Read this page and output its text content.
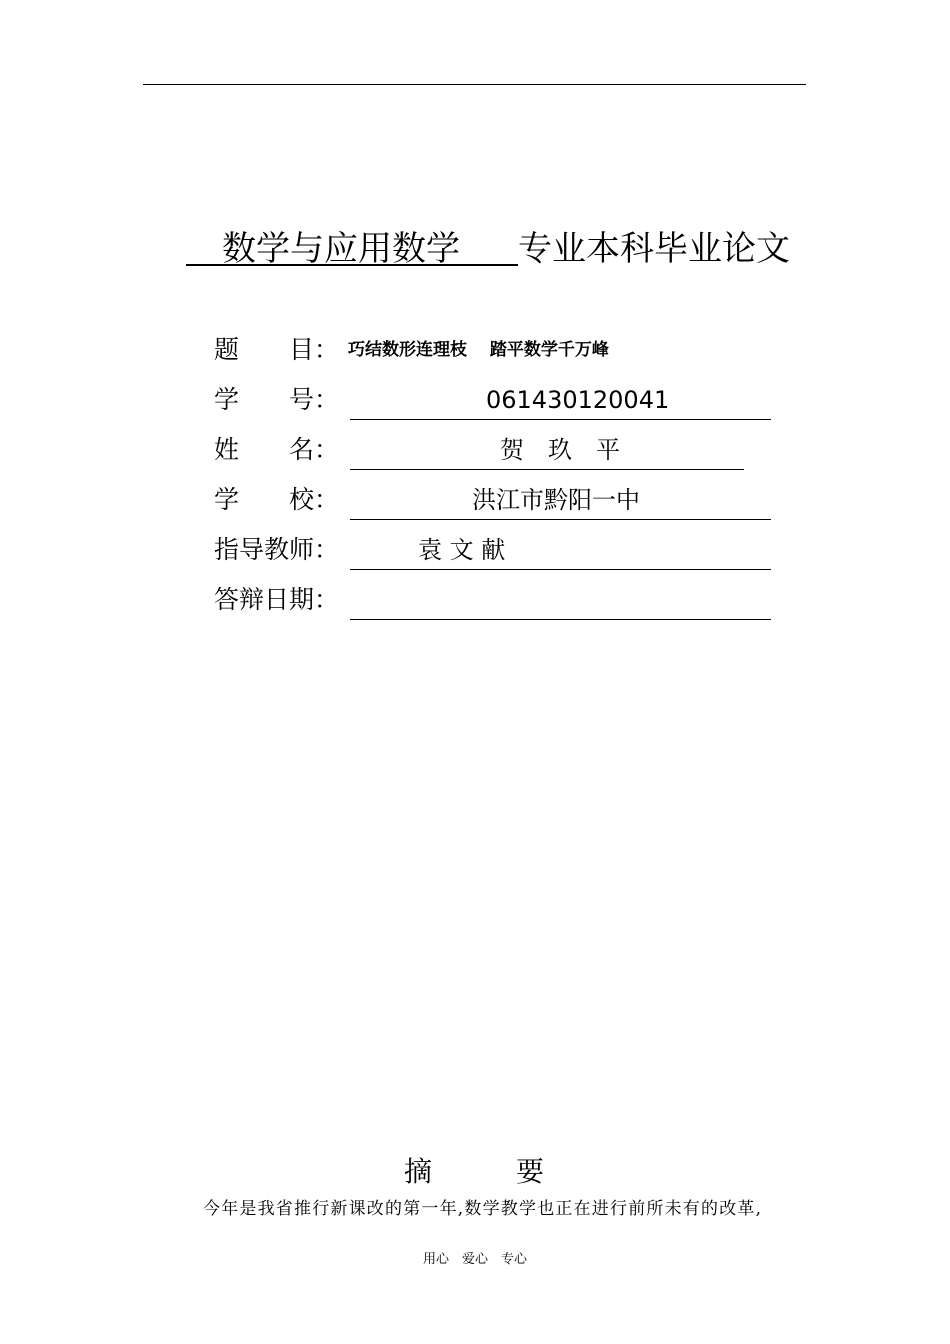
数学与应用数学 专业本科毕业论文
题　　目： 巧结数形连理枝　 踏平数学千万峰
学　　号：	061430120041
姓　　名：	贺　玖　平
学　　校：	洪江市黔阳一中
指导教师：	袁 文 献
答辩日期：
摘　　　要
今年是我省推行新课改的第一年,数学教学也正在进行前所未有的改革,
用心　爱心　专心
